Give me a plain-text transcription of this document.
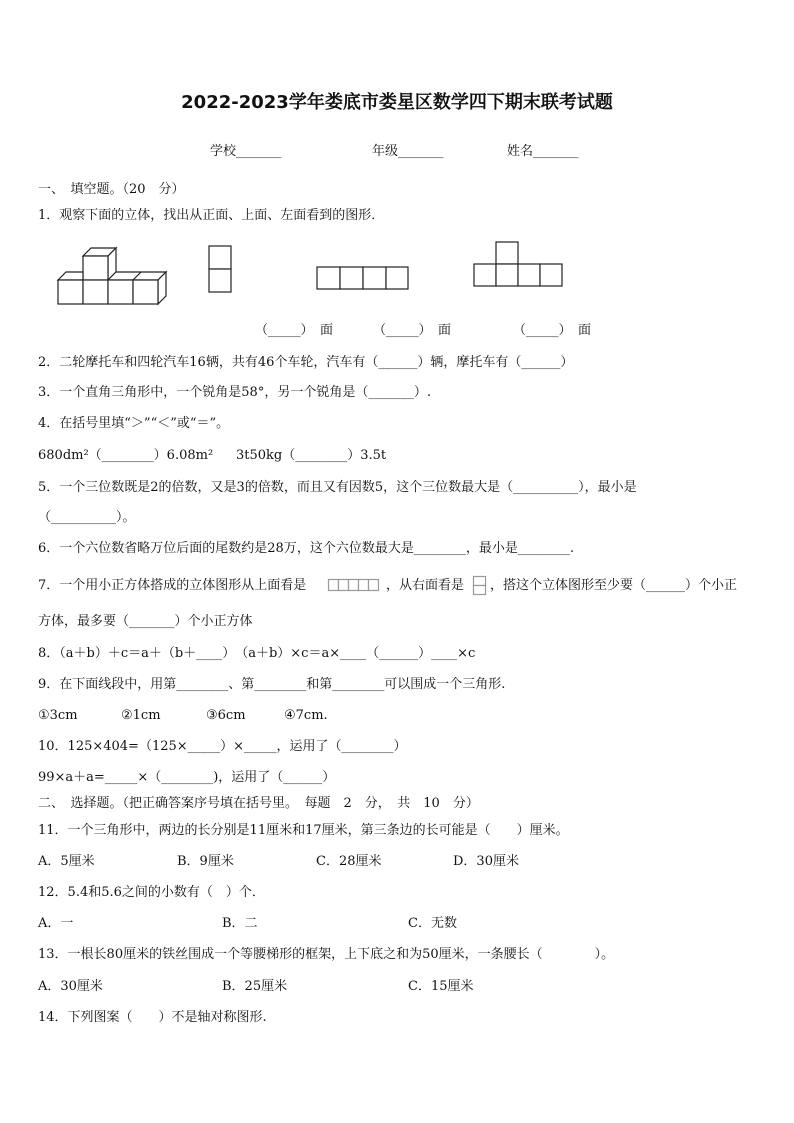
2022-2023学年娄底市娄星区数学四下期末联考试题
学校_______	年级_______	姓名_______
一、　填空题。（20　分）
1．观察下面的立体，找出从正面、上面、左面看到的图形．
（_____）　面	（_____）　面	（_____）　面
2．二轮摩托车和四轮汽车16辆，共有46个车轮，汽车有（______）辆，摩托车有（______）
3．一个直角三角形中，一个锐角是58°，另一个锐角是（_______）.
4．在括号里填“＞”“＜”或“＝”。
680dm²（________）6.08m² 3t50kg（________）3.5t
5．一个三位数既是2的倍数，又是3的倍数，而且又有因数5，这个三位数最大是（__________），最小是
（__________）。
6．一个六位数省略万位后面的尾数约是28万，这个六位数最大是________，最小是________.
7．一个用小正方体搭成的立体图形从上面看是	，从右面看是 ，搭这个立体图形至少要（______）个小正
方体，最多要（_______）个小正方体
8．（a＋b）＋c＝a＋（b＋____）　（a＋b）×c＝a×____（______）____×c
9．在下面线段中，用第________、第________和第________可以围成一个三角形.
①3cm	②1cm	③6cm	④7cm.
10．125×404=（125×_____）×_____，运用了（________）
99×a＋a=_____×（________)，运用了（______）
二、　选择题。（把正确答案序号填在括号里。　每题　2　分，　共　10　分）
11．一个三角形中，两边的长分别是11厘米和17厘米，第三条边的长可能是（　　）厘米。
A．5厘米	B．9厘米	C．28厘米	D．30厘米
12．5.4和5.6之间的小数有（　）个．
A．一	B．二	C．无数
13．一根长80厘米的铁丝围成一个等腰梯形的框架，上下底之和为50厘米，一条腰长（　　　　）。
A．30厘米	B．25厘米	C．15厘米
14．下列图案（　　）不是轴对称图形.
